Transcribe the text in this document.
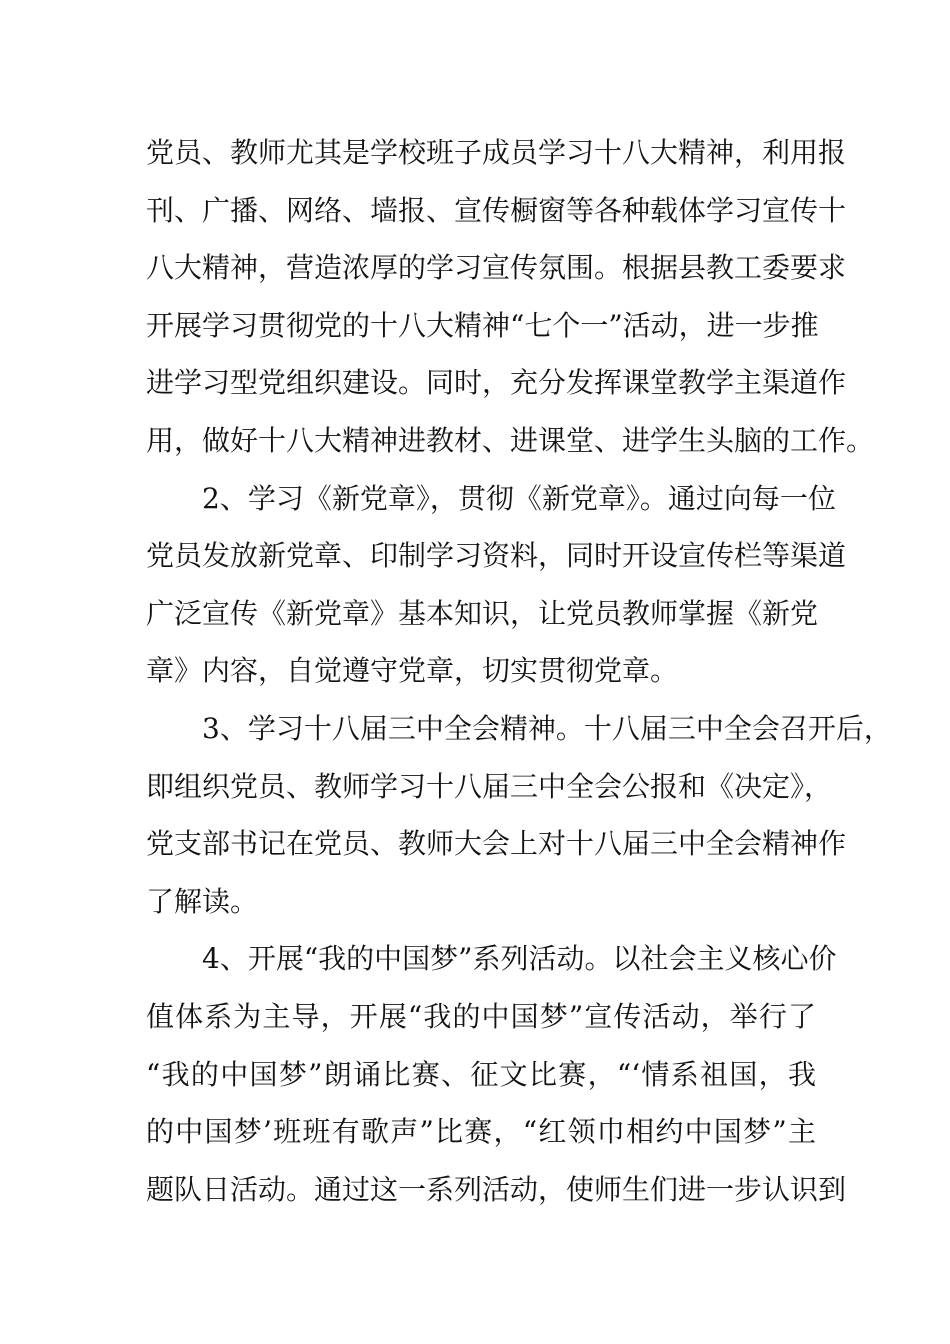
党员、教师尤其是学校班子成员学习十八大精神，利用报
刊、广播、网络、墙报、宣传橱窗等各种载体学习宣传十
八大精神，营造浓厚的学习宣传氛围。根据县教工委要求
开展学习贯彻党的十八大精神“七个一”活动，进一步推
进学习型党组织建设。同时，充分发挥课堂教学主渠道作
用，做好十八大精神进教材、进课堂、进学生头脑的工作。
2、学习《新党章》，贯彻《新党章》。通过向每一位
党员发放新党章、印制学习资料，同时开设宣传栏等渠道
广泛宣传《新党章》基本知识，让党员教师掌握《新党
章》内容，自觉遵守党章，切实贯彻党章。
3、学习十八届三中全会精神。十八届三中全会召开后，
即组织党员、教师学习十八届三中全会公报和《决定》，
党支部书记在党员、教师大会上对十八届三中全会精神作
了解读。
4、开展“我的中国梦”系列活动。以社会主义核心价
值体系为主导，开展“我的中国梦”宣传活动，举行了
“我的中国梦”朗诵比赛、征文比赛，“‘情系祖国，我
的中国梦’班班有歌声”比赛，“红领巾相约中国梦”主
题队日活动。通过这一系列活动，使师生们进一步认识到
